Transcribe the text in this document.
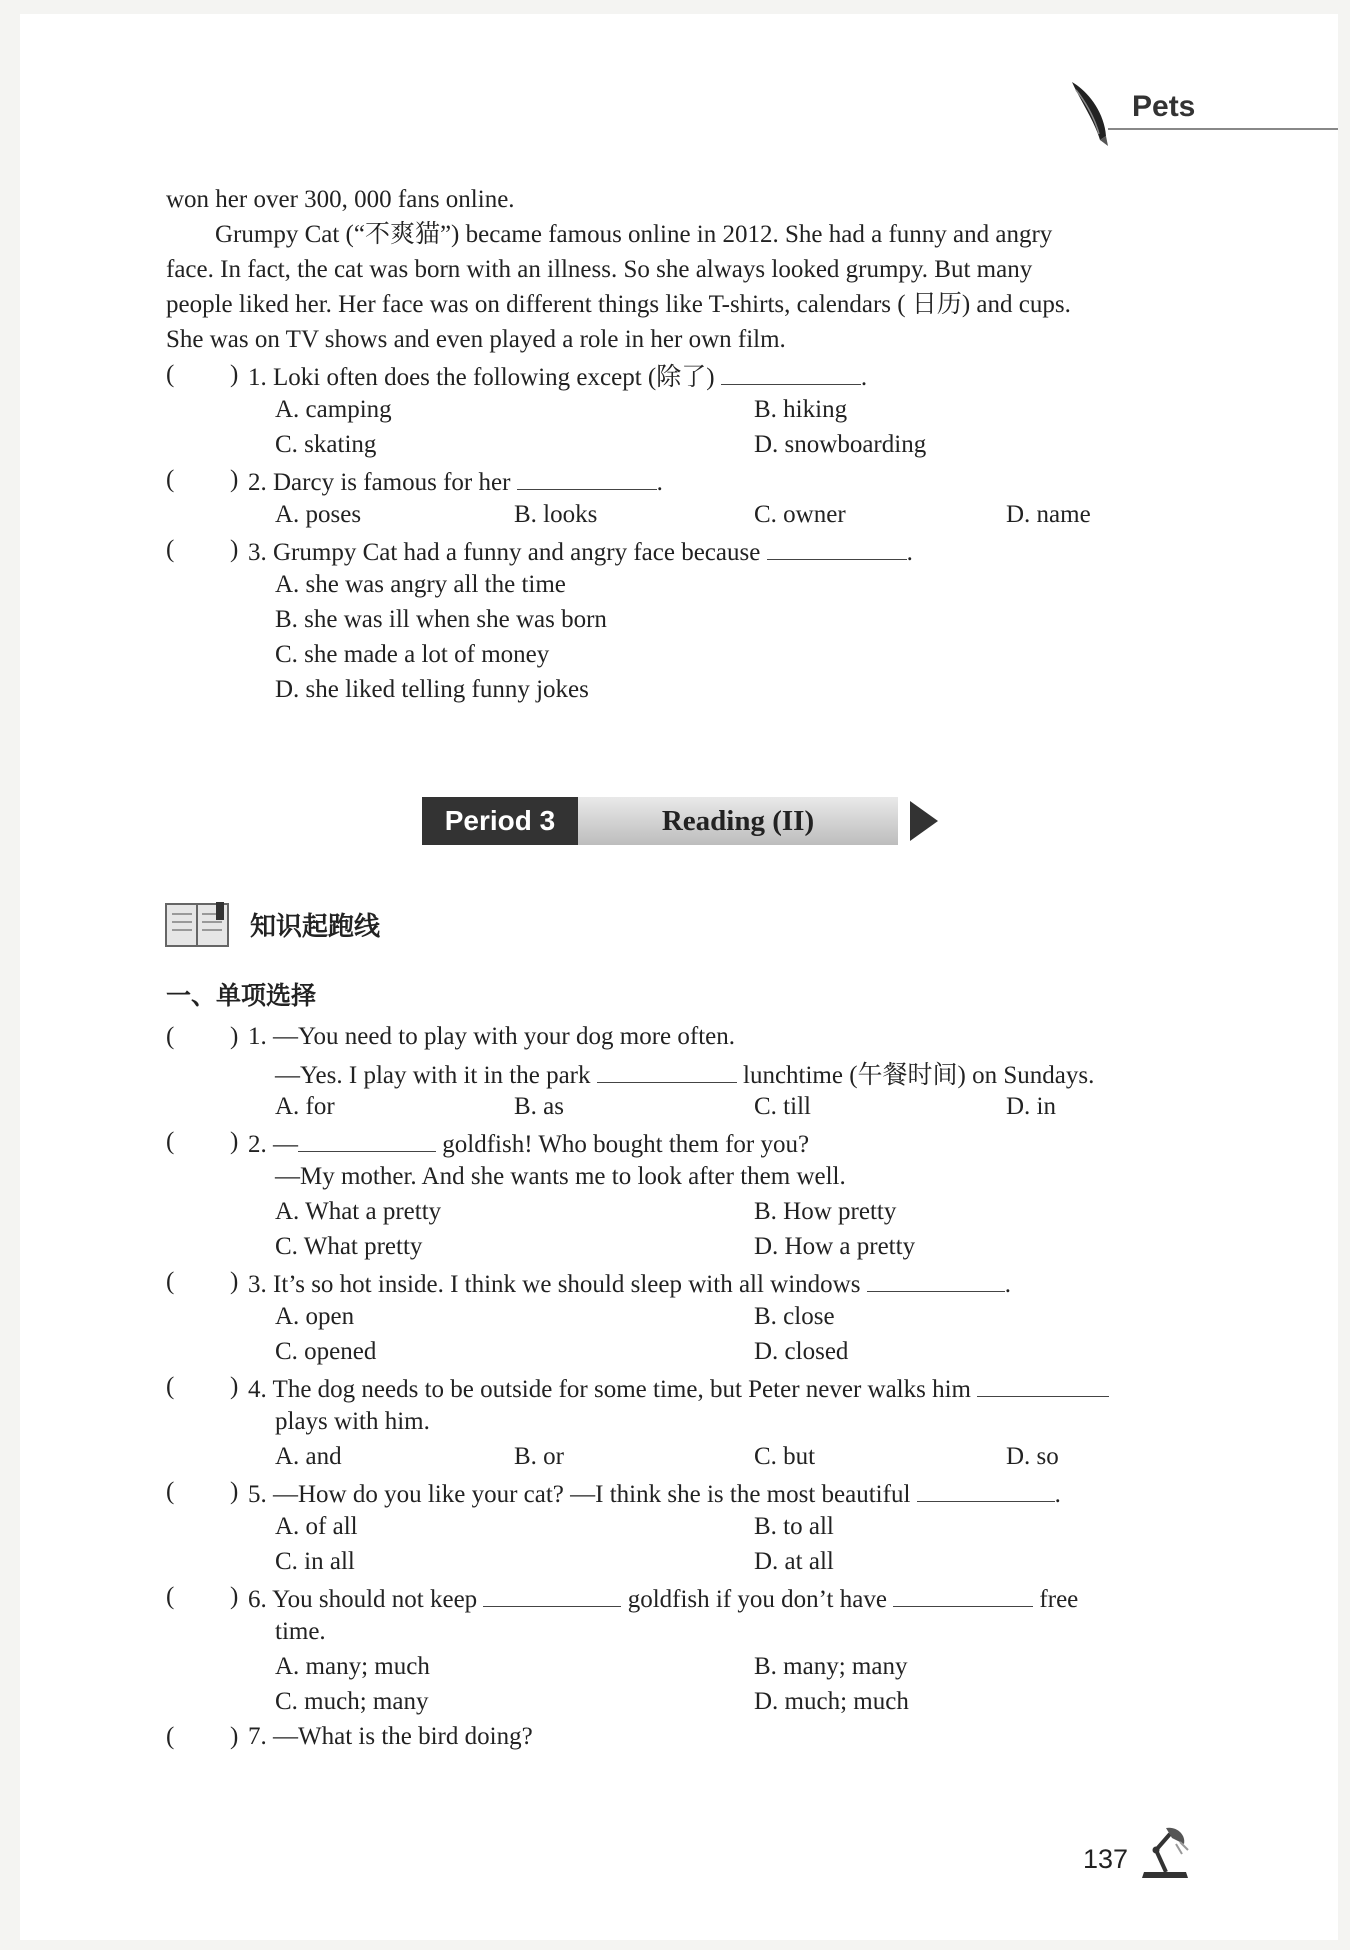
Pets
won her over 300, 000 fans online.
Grumpy Cat (“不爽猫”) became famous online in 2012. She had a funny and angry
face. In fact, the cat was born with an illness. So she always looked grumpy. But many
people liked her. Her face was on different things like T-shirts, calendars ( 日历) and cups.
She was on TV shows and even played a role in her own film.
( ) 1. Loki often does the following except (除了)	.
A. camping	B. hiking
C. skating	D. snowboarding
( ) 2. Darcy is famous for her	.
A. poses	B. looks	C. owner	D. name
( ) 3. Grumpy Cat had a funny and angry face because	.
A. she was angry all the time
B. she was ill when she was born
C. she made a lot of money
D. she liked telling funny jokes
Period 3	Reading (II)
知识起跑线
一、单项选择
( ) 1. —You need to play with your dog more often.
—Yes. I play with it in the park	lunchtime (午餐时间) on Sundays.
A. for	B. as	C. till	D. in
( ) 2. —	goldfish! Who bought them for you?
—My mother. And she wants me to look after them well.
A. What a pretty	B. How pretty
C. What pretty	D. How a pretty
( ) 3. It’s so hot inside. I think we should sleep with all windows	.
A. open	B. close
C. opened	D. closed
( ) 4. The dog needs to be outside for some time, but Peter never walks him
plays with him.
A. and	B. or	C. but	D. so
( ) 5. —How do you like your cat? —I think she is the most beautiful	.
A. of all	B. to all
C. in all	D. at all
( ) 6. You should not keep	goldfish if you don’t have	free
time.
A. many; much	B. many; many
C. much; many	D. much; much
( ) 7. —What is the bird doing?
137
